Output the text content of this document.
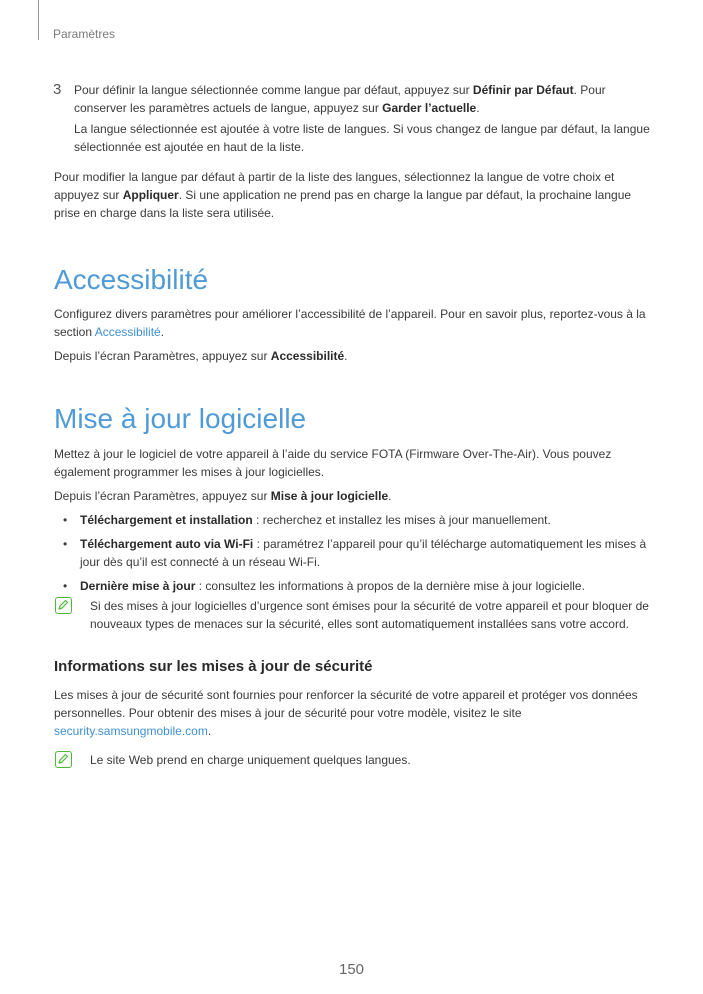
Paramètres
3 Pour définir la langue sélectionnée comme langue par défaut, appuyez sur Définir par Défaut. Pour conserver les paramètres actuels de langue, appuyez sur Garder l’actuelle.

La langue sélectionnée est ajoutée à votre liste de langues. Si vous changez de langue par défaut, la langue sélectionnée est ajoutée en haut de la liste.

Pour modifier la langue par défaut à partir de la liste des langues, sélectionnez la langue de votre choix et appuyez sur Appliquer. Si une application ne prend pas en charge la langue par défaut, la prochaine langue prise en charge dans la liste sera utilisée.

Accessibilité

Configurez divers paramètres pour améliorer l’accessibilité de l’appareil. Pour en savoir plus, reportez-vous à la section Accessibilité.

Depuis l’écran Paramètres, appuyez sur Accessibilité.

Mise à jour logicielle

Mettez à jour le logiciel de votre appareil à l’aide du service FOTA (Firmware Over-The-Air). Vous pouvez également programmer les mises à jour logicielles.

Depuis l’écran Paramètres, appuyez sur Mise à jour logicielle.

• Téléchargement et installation : recherchez et installez les mises à jour manuellement.
• Téléchargement auto via Wi-Fi : paramétrez l’appareil pour qu’il télécharge automatiquement les mises à jour dès qu’il est connecté à un réseau Wi-Fi.
• Dernière mise à jour : consultez les informations à propos de la dernière mise à jour logicielle.

Si des mises à jour logicielles d’urgence sont émises pour la sécurité de votre appareil et pour bloquer de nouveaux types de menaces sur la sécurité, elles sont automatiquement installées sans votre accord.

Informations sur les mises à jour de sécurité

Les mises à jour de sécurité sont fournies pour renforcer la sécurité de votre appareil et protéger vos données personnelles. Pour obtenir des mises à jour de sécurité pour votre modèle, visitez le site security.samsungmobile.com.

Le site Web prend en charge uniquement quelques langues.

150
